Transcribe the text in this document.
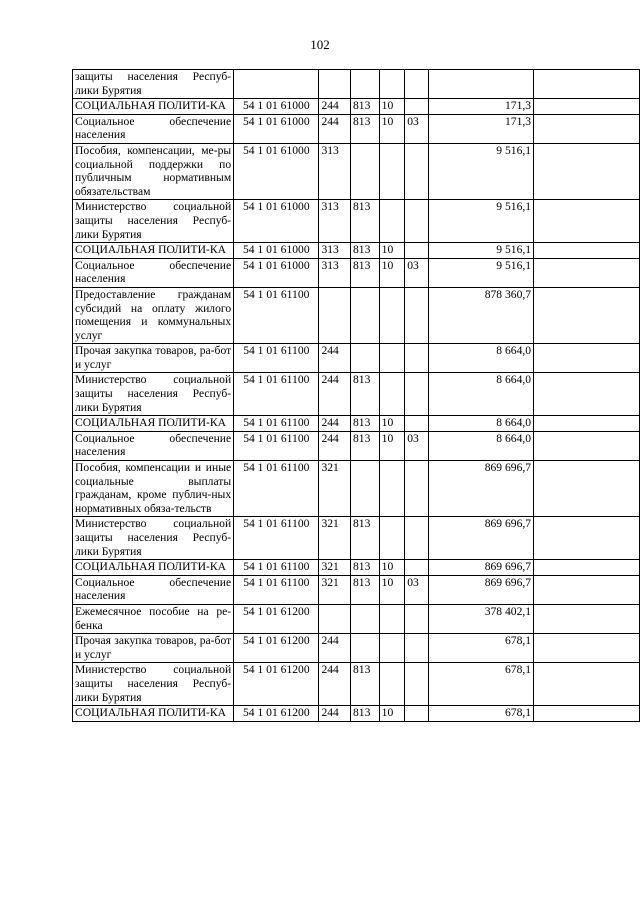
102
защиты населения Респуб-лики Бурятия							
СОЦИАЛЬНАЯ ПОЛИТИ-КА	54 1 01 61000	244	813	10		171,3	
Социальное обеспечение населения	54 1 01 61000	244	813	10	03	171,3	
Пособия, компенсации, ме-ры социальной поддержки по публичным нормативным обязательствам	54 1 01 61000	313				9 516,1	
Министерство социальной защиты населения Респуб-лики Бурятия	54 1 01 61000	313	813			9 516,1	
СОЦИАЛЬНАЯ ПОЛИТИ-КА	54 1 01 61000	313	813	10		9 516,1	
Социальное обеспечение населения	54 1 01 61000	313	813	10	03	9 516,1	
Предоставление гражданам субсидий на оплату жилого помещения и коммунальных услуг	54 1 01 61100					878 360,7	
Прочая закупка товаров, ра-бот и услуг	54 1 01 61100	244				8 664,0	
Министерство социальной защиты населения Респуб-лики Бурятия	54 1 01 61100	244	813			8 664,0	
СОЦИАЛЬНАЯ ПОЛИТИ-КА	54 1 01 61100	244	813	10		8 664,0	
Социальное обеспечение населения	54 1 01 61100	244	813	10	03	8 664,0	
Пособия, компенсации и иные социальные выплаты гражданам, кроме публич-ных нормативных обяза-тельств	54 1 01 61100	321				869 696,7	
Министерство социальной защиты населения Респуб-лики Бурятия	54 1 01 61100	321	813			869 696,7	
СОЦИАЛЬНАЯ ПОЛИТИ-КА	54 1 01 61100	321	813	10		869 696,7	
Социальное обеспечение населения	54 1 01 61100	321	813	10	03	869 696,7	
Ежемесячное пособие на ре-бенка	54 1 01 61200					378 402,1	
Прочая закупка товаров, ра-бот и услуг	54 1 01 61200	244				678,1	
Министерство социальной защиты населения Респуб-лики Бурятия	54 1 01 61200	244	813			678,1	
СОЦИАЛЬНАЯ ПОЛИТИ-КА	54 1 01 61200	244	813	10		678,1	
